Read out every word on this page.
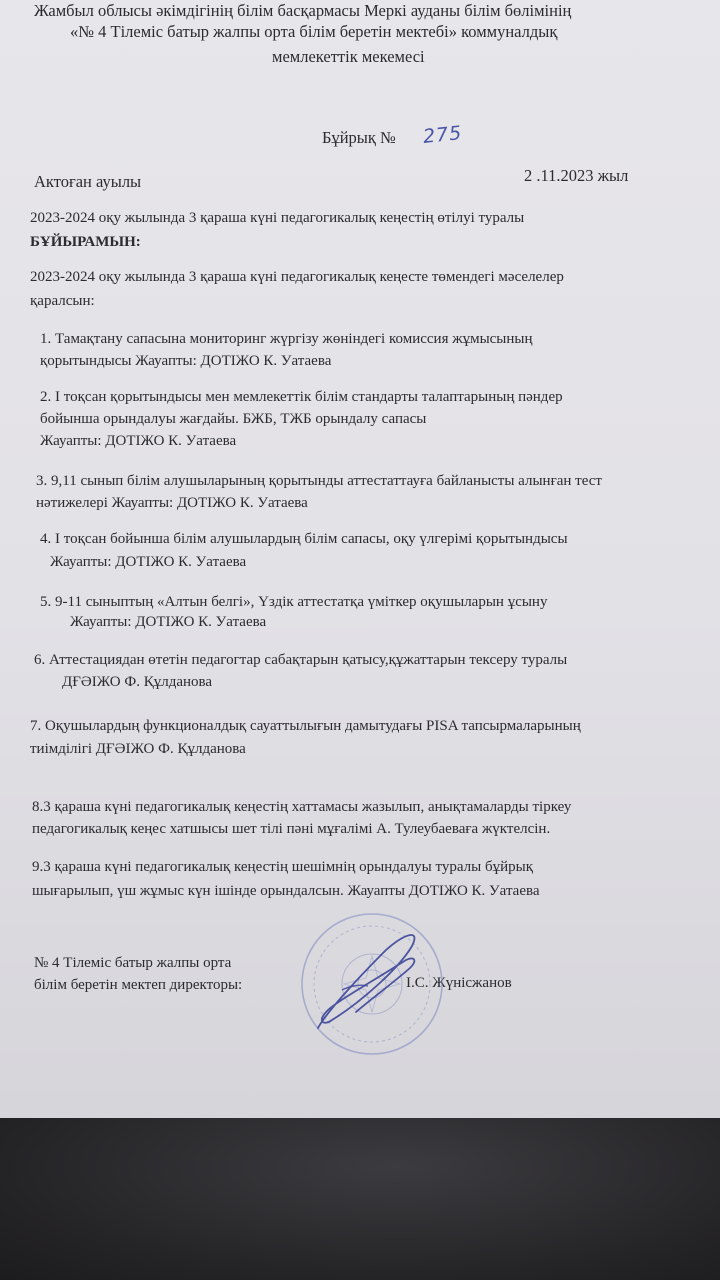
Жамбыл облысы әкімдігінің білім басқармасы Меркі ауданы білім бөлімінің
«№ 4 Тілеміс батыр жалпы орта білім беретін мектебі» коммуналдық
мемлекеттік мекемесі
Бұйрық № 275
Актоған ауылы	2 .11.2023 жыл
2023-2024 оқу жылында 3 қараша күні педагогикалық кеңестің өтілуі туралы
БҰЙЫРАМЫН:
2023-2024 оқу жылында 3 қараша күні педагогикалық кеңесте төмендегі мәселелер
қаралсын:
1. Тамақтану сапасына мониторинг жүргізу жөніндегі комиссия жұмысының
қорытындысы Жауапты: ДОТІЖО К. Уатаева
2. І тоқсан қорытындысы мен мемлекеттік білім стандарты талаптарының пәндер
бойынша орындалуы жағдайы. БЖБ, ТЖБ орындалу сапасы
Жауапты: ДОТІЖО К. Уатаева
3. 9,11 сынып білім алушыларының қорытынды аттестаттауға байланысты алынған тест
нәтижелері Жауапты: ДОТІЖО К. Уатаева
4. І тоқсан бойынша білім алушылардың білім сапасы, оқу үлгерімі қорытындысы
Жауапты: ДОТІЖО К. Уатаева
5. 9-11 сыныптың «Алтын белгі», Үздік аттестатқа үміткер оқушыларын ұсыну
Жауапты: ДОТІЖО К. Уатаева
6. Аттестациядан өтетін педагогтар сабақтарын қатысу,құжаттарын тексеру туралы
ДҒӘІЖО Ф. Құлданова
7. Оқушылардың функционалдық сауаттылығын дамытудағы PISA тапсырмаларының
тиімділігі ДҒӘІЖО Ф. Құлданова
8.3 қараша күні педагогикалық кеңестің хаттамасы жазылып, анықтамаларды тіркеу
педагогикалық кеңес хатшысы шет тілі пәні мұғалімі А. Тулеубаеваға жүктелсін.
9.3 қараша күні педагогикалық кеңестің шешімнің орындалуы туралы бұйрық
шығарылып, үш жұмыс күн ішінде орындалсын. Жауапты ДОТІЖО К. Уатаева
№ 4 Тілеміс батыр жалпы орта
білім беретін мектеп директоры:	І.С. Жүнісжанов
